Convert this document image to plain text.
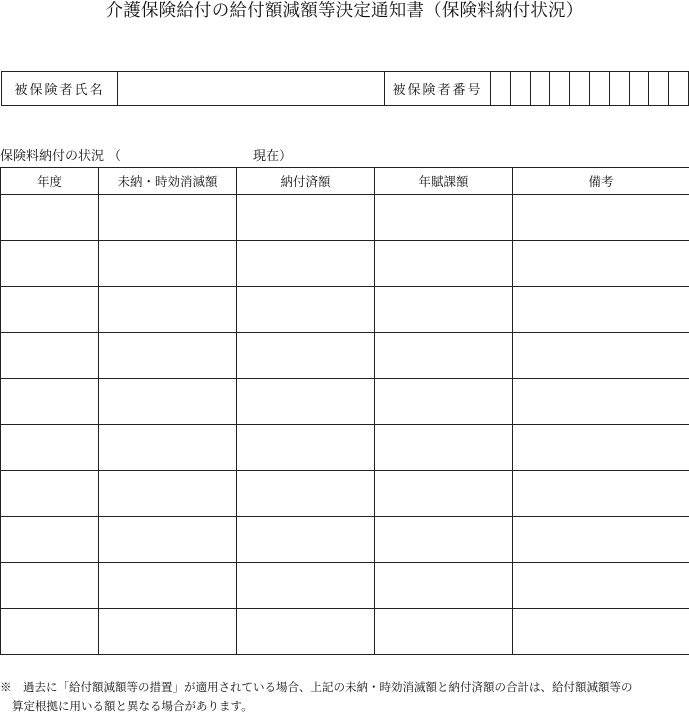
介護保険給付の給付額減額等決定通知書（保険料納付状況）
被保険者氏名	被保険者番号
保険料納付の状況 （	現在）
年度	未納・時効消滅額	納付済額	年賦課額	備考

※　過去に「給付額減額等の措置」が適用されている場合、上記の未納・時効消滅額と納付済額の合計は、給付額減額等の
算定根拠に用いる額と異なる場合があります。
